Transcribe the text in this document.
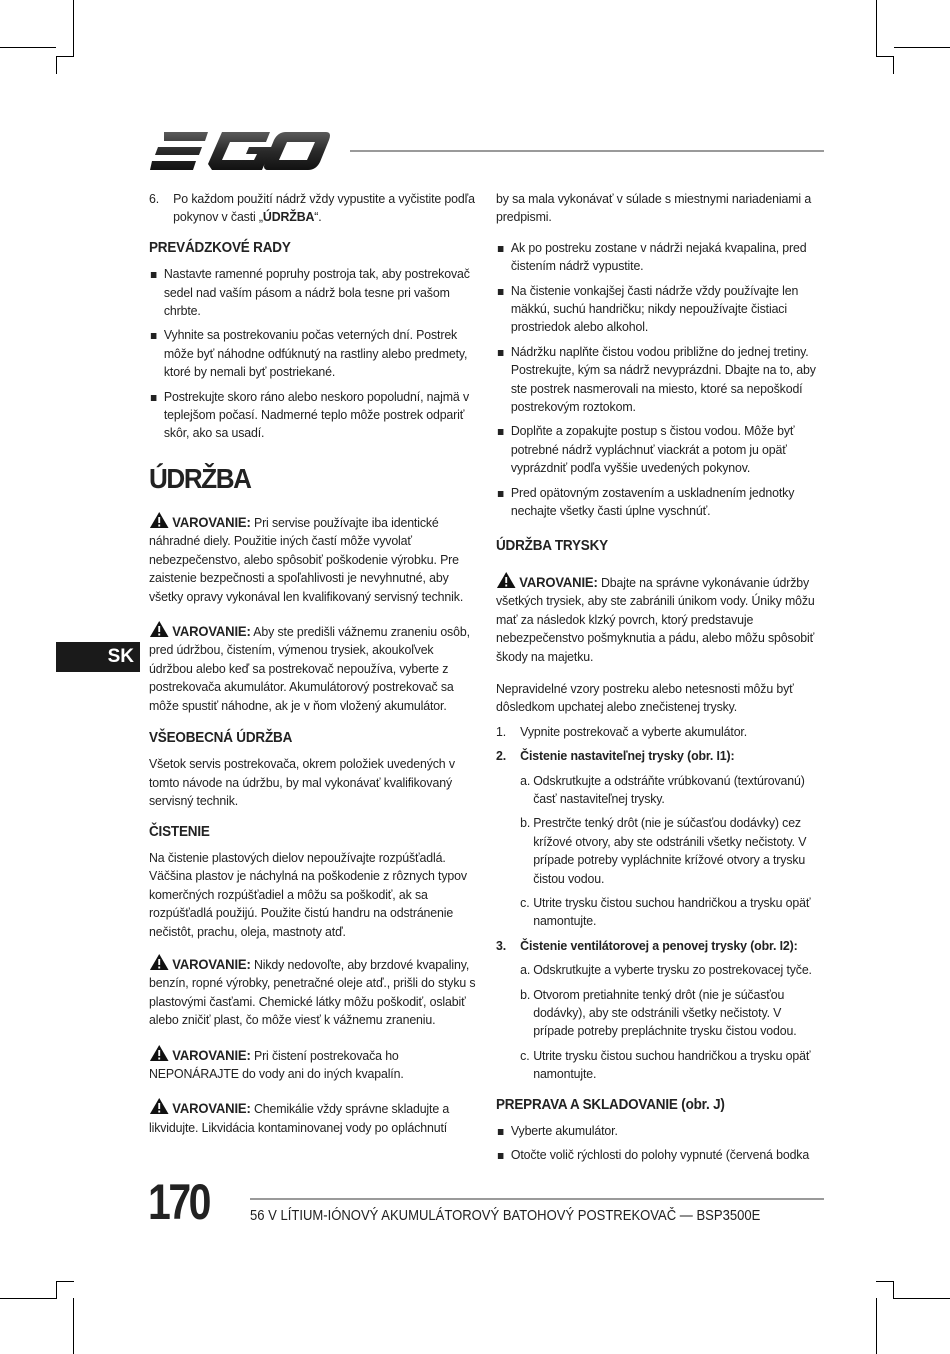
SK
6. Po každom použití nádrž vždy vypustite a vyčistite podľa pokynov v časti „ÚDRŽBA“.
PREVÁDZKOVÉ RADY
Nastavte ramenné popruhy postroja tak, aby postrekovač sedel nad vaším pásom a nádrž bola tesne pri vašom chrbte.
Vyhnite sa postrekovaniu počas veterných dní. Postrek môže byť náhodne odfúknutý na rastliny alebo predmety, ktoré by nemali byť postriekané.
Postrekujte skoro ráno alebo neskoro popoludní, najmä v teplejšom počasí. Nadmerné teplo môže postrek odpariť skôr, ako sa usadí.
ÚDRŽBA

VAROVANIE: Pri servise používajte iba identické náhradné diely. Použitie iných častí môže vyvolať nebezpečenstvo, alebo spôsobiť poškodenie výrobku. Pre zaistenie bezpečnosti a spoľahlivosti je nevyhnutné, aby všetky opravy vykonával len kvalifikovaný servisný technik.

VAROVANIE: Aby ste predišli vážnemu zraneniu osôb, pred údržbou, čistením, výmenou trysiek, akoukoľvek údržbou alebo keď sa postrekovač nepoužíva, vyberte z postrekovača akumulátor. Akumulátorový postrekovač sa môže spustiť náhodne, ak je v ňom vložený akumulátor.

VŠEOBECNÁ ÚDRŽBA

Všetok servis postrekovača, okrem položiek uvedených v tomto návode na údržbu, by mal vykonávať kvalifikovaný servisný technik.

ČISTENIE

Na čistenie plastových dielov nepoužívajte rozpúšťadlá. Väčšina plastov je náchylná na poškodenie z rôznych typov komerčných rozpúšťadiel a môžu sa poškodiť, ak sa rozpúšťadlá použijú. Použite čistú handru na odstránenie nečistôt, prachu, oleja, mastnoty atď.

VAROVANIE: Nikdy nedovoľte, aby brzdové kvapaliny, benzín, ropné výrobky, penetračné oleje atď., prišli do styku s plastovými časťami. Chemické látky môžu poškodiť, oslabiť alebo zničiť plast, čo môže viesť k vážnemu zraneniu.

VAROVANIE: Pri čistení postrekovača ho NEPONÁRAJTE do vody ani do iných kvapalín.

VAROVANIE: Chemikálie vždy správne skladujte a likvidujte. Likvidácia kontaminovanej vody po opláchnutí

by sa mala vykonávať v súlade s miestnymi nariadeniami a predpismi.

Ak po postreku zostane v nádrži nejaká kvapalina, pred čistením nádrž vypustite.
Na čistenie vonkajšej časti nádrže vždy používajte len mäkkú, suchú handričku; nikdy nepoužívajte čistiaci prostriedok alebo alkohol.
Nádržku naplňte čistou vodou približne do jednej tretiny. Postrekujte, kým sa nádrž nevyprázdni. Dbajte na to, aby ste postrek nasmerovali na miesto, ktoré sa nepoškodí postrekovým roztokom.
Doplňte a zopakujte postup s čistou vodou. Môže byť potrebné nádrž vypláchnuť viackrát a potom ju opäť vyprázdniť podľa vyššie uvedených pokynov.
Pred opätovným zostavením a uskladnením jednotky nechajte všetky časti úplne vyschnúť.
ÚDRŽBA TRYSKY

VAROVANIE: Dbajte na správne vykonávanie údržby všetkých trysiek, aby ste zabránili únikom vody. Úniky môžu mať za následok klzký povrch, ktorý predstavuje nebezpečenstvo pošmyknutia a pádu, alebo môžu spôsobiť škody na majetku.

Nepravidelné vzory postreku alebo netesnosti môžu byť dôsledkom upchatej alebo znečistenej trysky.

1. Vypnite postrekovač a vyberte akumulátor.
2. Čistenie nastaviteľnej trysky (obr. I1):
a. Odskrutkujte a odstráňte vrúbkovanú (textúrovanú) časť nastaviteľnej trysky.
b. Prestrčte tenký drôt (nie je súčasťou dodávky) cez krížové otvory, aby ste odstránili všetky nečistoty. V prípade potreby vypláchnite krížové otvory a trysku čistou vodou.
c. Utrite trysku čistou suchou handričkou a trysku opäť namontujte.
3. Čistenie ventilátorovej a penovej trysky (obr. I2):
a. Odskrutkujte a vyberte trysku zo postrekovacej tyče.
b. Otvorom pretiahnite tenký drôt (nie je súčasťou dodávky), aby ste odstránili všetky nečistoty. V prípade potreby prepláchnite trysku čistou vodou.
c. Utrite trysku čistou suchou handričkou a trysku opäť namontujte.
PREPRAVA A SKLADOVANIE (obr. J)
Vyberte akumulátor.
Otočte volič rýchlosti do polohy vypnuté (červená bodka
170	56 V LÍTIUM-IÓNOVÝ AKUMULÁTOROVÝ BATOHOVÝ POSTREKOVAČ — BSP3500E
